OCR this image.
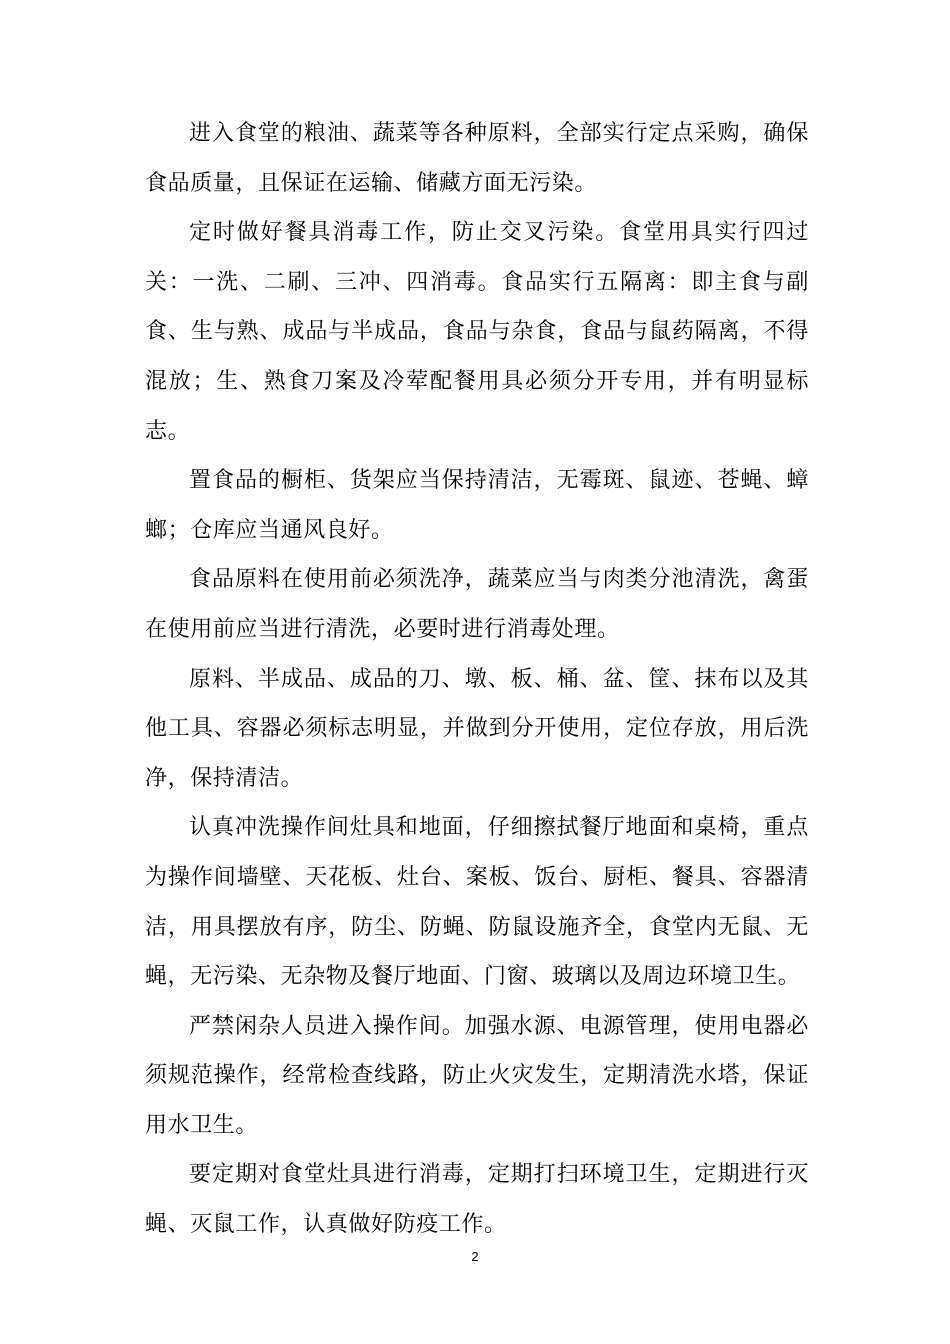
进入食堂的粮油、蔬菜等各种原料，全部实行定点采购，确保食品质量，且保证在运输、储藏方面无污染。

定时做好餐具消毒工作，防止交叉污染。食堂用具实行四过关：一洗、二刷、三冲、四消毒。食品实行五隔离：即主食与副食、生与熟、成品与半成品，食品与杂食，食品与鼠药隔离，不得混放；生、熟食刀案及冷荤配餐用具必须分开专用，并有明显标志。

置食品的橱柜、货架应当保持清洁，无霉斑、鼠迹、苍蝇、蟑螂；仓库应当通风良好。

食品原料在使用前必须洗净，蔬菜应当与肉类分池清洗，禽蛋在使用前应当进行清洗，必要时进行消毒处理。

原料、半成品、成品的刀、墩、板、桶、盆、筐、抹布以及其他工具、容器必须标志明显，并做到分开使用，定位存放，用后洗净，保持清洁。

认真冲洗操作间灶具和地面，仔细擦拭餐厅地面和桌椅，重点为操作间墙壁、天花板、灶台、案板、饭台、厨柜、餐具、容器清洁，用具摆放有序，防尘、防蝇、防鼠设施齐全，食堂内无鼠、无蝇，无污染、无杂物及餐厅地面、门窗、玻璃以及周边环境卫生。

严禁闲杂人员进入操作间。加强水源、电源管理，使用电器必须规范操作，经常检查线路，防止火灾发生，定期清洗水塔，保证用水卫生。

要定期对食堂灶具进行消毒，定期打扫环境卫生，定期进行灭蝇、灭鼠工作，认真做好防疫工作。

2
